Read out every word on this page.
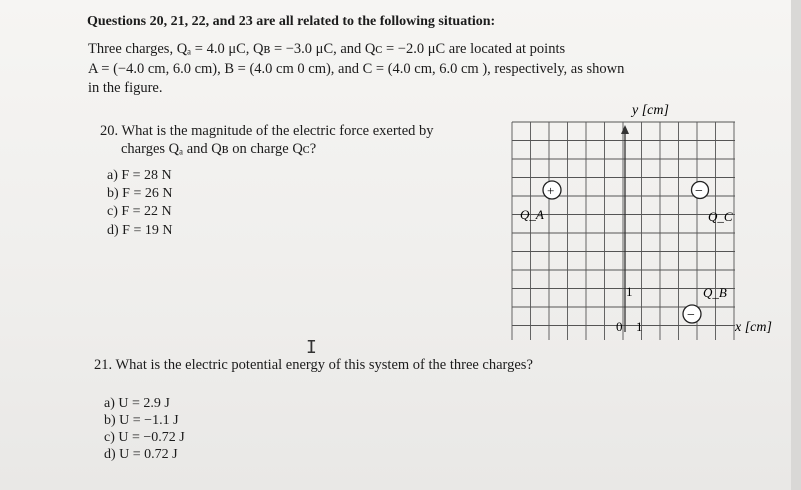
Questions 20, 21, 22, and 23 are all related to the following situation:
Three charges, Qₐ = 4.0 μC, Qʙ = −3.0 μC, and Qᴄ = −2.0 μC are located at points
A = (−4.0 cm, 6.0 cm), B = (4.0 cm 0 cm), and C = (4.0 cm, 6.0 cm ), respectively, as shown
in the figure.
20. What is the magnitude of the electric force exerted by
charges Qₐ and Qʙ on charge Qᴄ?
a) F = 28 N
b) F = 26 N
c) F = 22 N
d) F = 19 N
I
21. What is the electric potential energy of this system of the three charges?
a) U = 2.9 J
b) U = −1.1 J
c) U = −0.72 J
d) U = 0.72 J
y [cm]
x [cm]
1
0 1
+
Q_A
−
Q_C
−
Q_B
